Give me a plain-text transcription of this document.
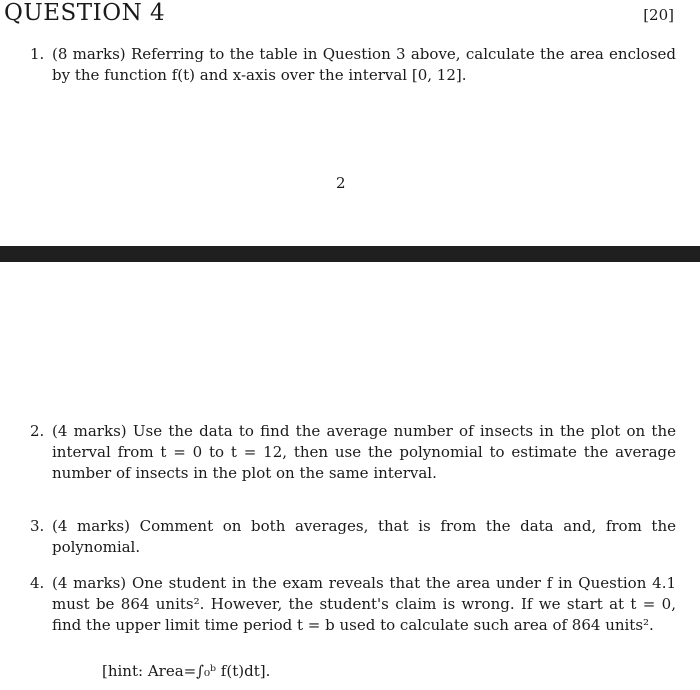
QUESTION 4	[20]
1. (8 marks) Referring to the table in Question 3 above, calculate the area enclosed by the function f(t) and x-axis over the interval [0, 12].
2
2. (4 marks) Use the data to find the average number of insects in the plot on the interval from t = 0 to t = 12, then use the polynomial to estimate the average number of insects in the plot on the same interval.
3. (4 marks) Comment on both averages, that is from the data and, from the polynomial.
4. (4 marks) One student in the exam reveals that the area under f in Question 4.1 must be 864 units². However, the student's claim is wrong. If we start at t = 0, find the upper limit time period t = b used to calculate such area of 864 units².
[hint: Area=∫₀ᵇ f(t)dt].
